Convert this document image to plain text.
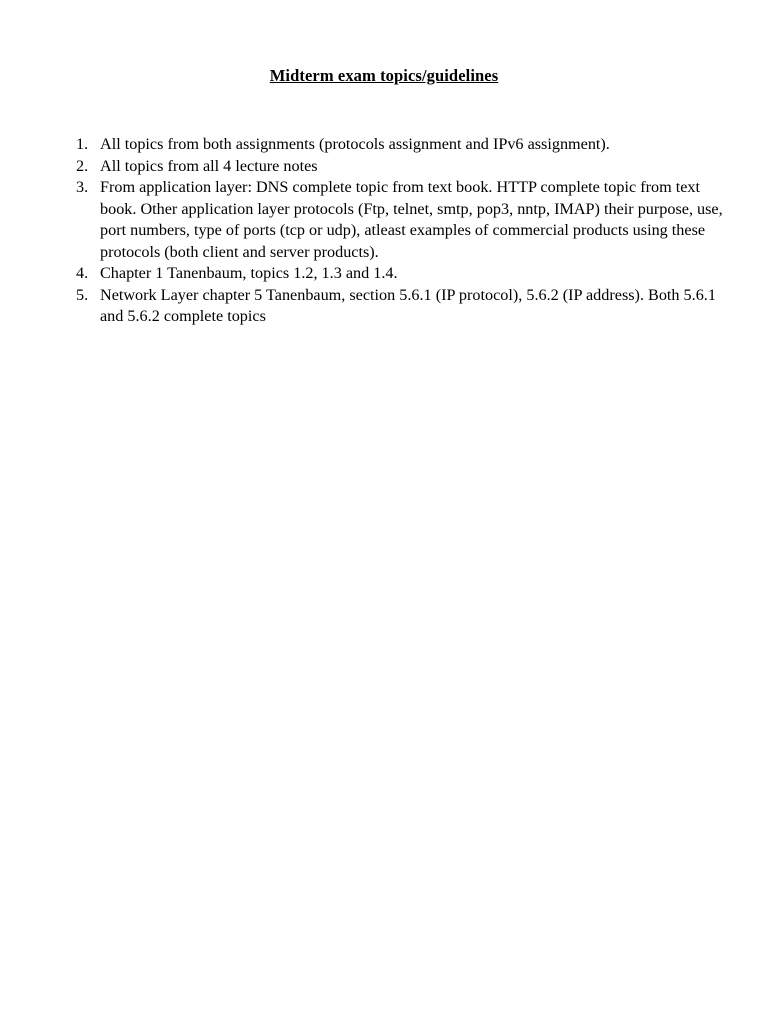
Midterm exam topics/guidelines
1. All topics from both assignments (protocols assignment and IPv6 assignment).
2. All topics from all 4 lecture notes
3. From application layer: DNS complete topic from text book. HTTP complete topic from text book. Other application layer protocols (Ftp, telnet, smtp, pop3, nntp, IMAP) their purpose, use, port numbers, type of ports (tcp or udp), atleast examples of commercial products using these protocols (both client and server products).
4. Chapter 1 Tanenbaum, topics 1.2, 1.3 and 1.4.
5. Network Layer chapter 5 Tanenbaum, section 5.6.1 (IP protocol), 5.6.2 (IP address). Both 5.6.1 and 5.6.2 complete topics
